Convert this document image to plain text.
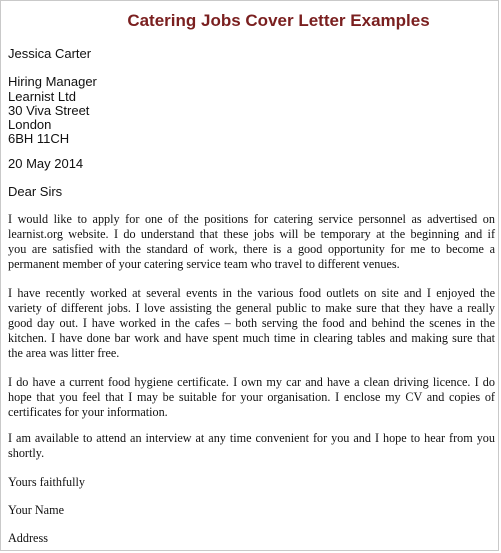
Catering Jobs Cover Letter Examples
Jessica Carter
Hiring Manager
Learnist Ltd
30 Viva Street
London
6BH 11CH
20 May 2014
Dear Sirs
I would like to apply for one of the positions for catering service personnel as advertised on
learnist.org website. I do understand that these jobs will be temporary at the beginning and if
you are satisfied with the standard of work, there is a good opportunity for me to become a
permanent member of your catering service team who travel to different venues.
I have recently worked at several events in the various food outlets on site and I enjoyed the
variety of different jobs. I love assisting the general public to make sure that they have a really
good day out. I have worked in the cafes – both serving the food and behind the scenes in the
kitchen. I have done bar work and have spent much time in clearing tables and making sure that
the area was litter free.
I do have a current food hygiene certificate. I own my car and have a clean driving licence. I do
hope that you feel that I may be suitable for your organisation. I enclose my CV and copies of
certificates for your information.
I am available to attend an interview at any time convenient for you and I hope to hear from you
shortly.
Yours faithfully
Your Name
Address
